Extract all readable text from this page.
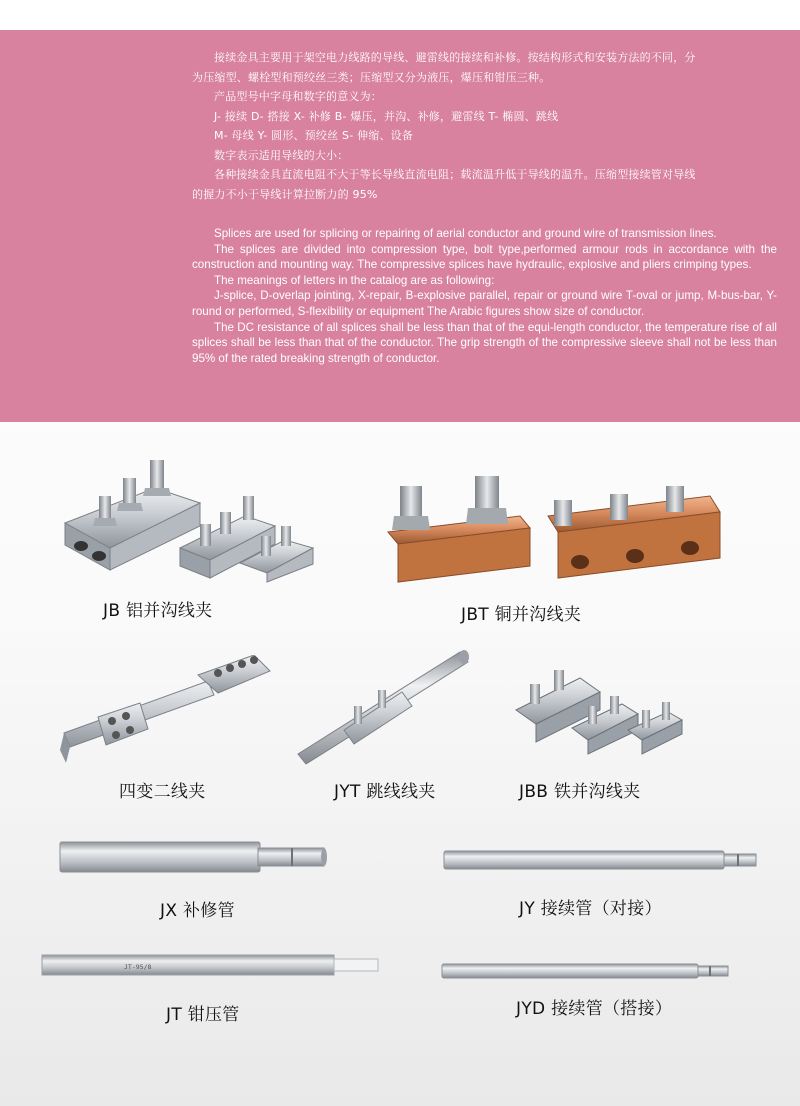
接续金具主要用于架空电力线路的导线、避雷线的接续和补修。按结构形式和安装方法的不同，分

为压缩型、螺栓型和预绞丝三类；压缩型又分为液压，爆压和钳压三种。

产品型号中字母和数字的意义为：

J- 接续 D- 搭接 X- 补修 B- 爆压，并沟、补修，避雷线 T- 椭圆、跳线

M- 母线 Y- 圆形、预绞丝 S- 伸缩、设备

数字表示适用导线的大小：

各种接续金具直流电阻不大于等长导线直流电阻；载流温升低于导线的温升。压缩型接续管对导线

的握力不小于导线计算拉断力的 95%

Splices are used for splicing or repairing of aerial conductor and ground wire of transmission lines.

The splices are divided into compression type, bolt type,performed armour rods in accordance with the construction and mounting way. The compressive splices have hydraulic, explosive and pliers crimping types.

The meanings of letters in the catalog are as following:

J-splice, D-overlap jointing, X-repair, B-explosive parallel, repair or ground wire T-oval or jump, M-bus-bar, Y-round or performed, S-flexibility or equipment The Arabic figures show size of conductor.

The DC resistance of all splices shall be less than that of the equi-length conductor, the temperature rise of all splices shall be less than that of the conductor. The grip strength of the compressive sleeve shall not be less than 95% of the rated breaking strength of conductor.

JB 铝并沟线夹	JBT 铜并沟线夹
四变二线夹	JYT 跳线线夹	JBB 铁并沟线夹
JX 补修管	JY 接续管（对接）
JT-95/8
JT 钳压管	JYD 接续管（搭接）
